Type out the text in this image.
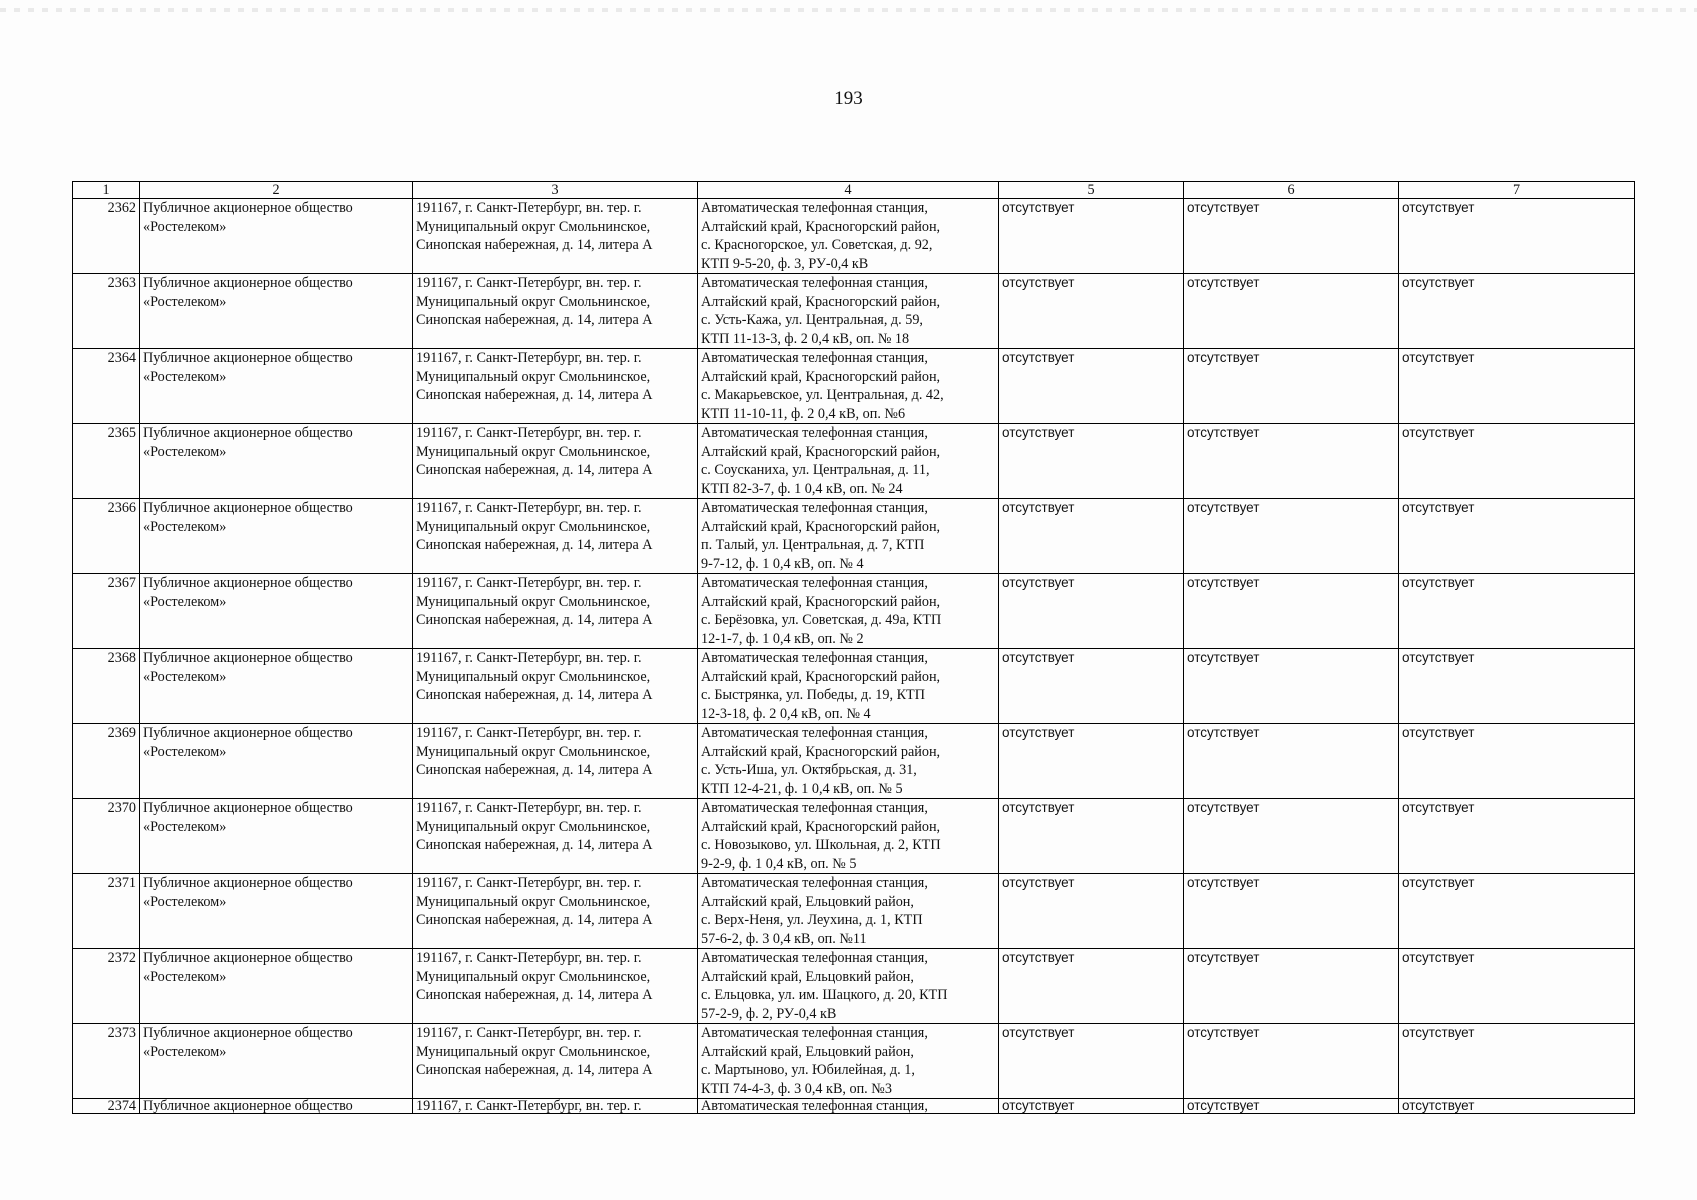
193
1	2	3	4	5	6	7
2362	Публичное акционерное общество
«Ростелеком»	191167, г. Санкт-Петербург, вн. тер. г.
Муниципальный округ Смольнинское,
Синопская набережная, д. 14, литера А	Автоматическая телефонная станция,
Алтайский край, Красногорский район,
с. Красногорское, ул. Советская, д. 92,
КТП 9-5-20, ф. 3, РУ-0,4 кВ	отсутствует	отсутствует	отсутствует
2363	Публичное акционерное общество
«Ростелеком»	191167, г. Санкт-Петербург, вн. тер. г.
Муниципальный округ Смольнинское,
Синопская набережная, д. 14, литера А	Автоматическая телефонная станция,
Алтайский край, Красногорский район,
с. Усть-Кажа, ул. Центральная, д. 59,
КТП 11-13-3, ф. 2 0,4 кВ, оп. № 18	отсутствует	отсутствует	отсутствует
2364	Публичное акционерное общество
«Ростелеком»	191167, г. Санкт-Петербург, вн. тер. г.
Муниципальный округ Смольнинское,
Синопская набережная, д. 14, литера А	Автоматическая телефонная станция,
Алтайский край, Красногорский район,
с. Макарьевское, ул. Центральная, д. 42,
КТП 11-10-11, ф. 2 0,4 кВ, оп. №6	отсутствует	отсутствует	отсутствует
2365	Публичное акционерное общество
«Ростелеком»	191167, г. Санкт-Петербург, вн. тер. г.
Муниципальный округ Смольнинское,
Синопская набережная, д. 14, литера А	Автоматическая телефонная станция,
Алтайский край, Красногорский район,
с. Соусканиха, ул. Центральная, д. 11,
КТП 82-3-7, ф. 1 0,4 кВ, оп. № 24	отсутствует	отсутствует	отсутствует
2366	Публичное акционерное общество
«Ростелеком»	191167, г. Санкт-Петербург, вн. тер. г.
Муниципальный округ Смольнинское,
Синопская набережная, д. 14, литера А	Автоматическая телефонная станция,
Алтайский край, Красногорский район,
п. Талый, ул. Центральная, д. 7, КТП
9-7-12, ф. 1 0,4 кВ, оп. № 4	отсутствует	отсутствует	отсутствует
2367	Публичное акционерное общество
«Ростелеком»	191167, г. Санкт-Петербург, вн. тер. г.
Муниципальный округ Смольнинское,
Синопская набережная, д. 14, литера А	Автоматическая телефонная станция,
Алтайский край, Красногорский район,
с. Берёзовка, ул. Советская, д. 49а, КТП
12-1-7, ф. 1 0,4 кВ, оп. № 2	отсутствует	отсутствует	отсутствует
2368	Публичное акционерное общество
«Ростелеком»	191167, г. Санкт-Петербург, вн. тер. г.
Муниципальный округ Смольнинское,
Синопская набережная, д. 14, литера А	Автоматическая телефонная станция,
Алтайский край, Красногорский район,
с. Быстрянка, ул. Победы, д. 19, КТП
12-3-18, ф. 2 0,4 кВ, оп. № 4	отсутствует	отсутствует	отсутствует
2369	Публичное акционерное общество
«Ростелеком»	191167, г. Санкт-Петербург, вн. тер. г.
Муниципальный округ Смольнинское,
Синопская набережная, д. 14, литера А	Автоматическая телефонная станция,
Алтайский край, Красногорский район,
с. Усть-Иша, ул. Октябрьская, д. 31,
КТП 12-4-21, ф. 1 0,4 кВ, оп. № 5	отсутствует	отсутствует	отсутствует
2370	Публичное акционерное общество
«Ростелеком»	191167, г. Санкт-Петербург, вн. тер. г.
Муниципальный округ Смольнинское,
Синопская набережная, д. 14, литера А	Автоматическая телефонная станция,
Алтайский край, Красногорский район,
с. Новозыково, ул. Школьная, д. 2, КТП
9-2-9, ф. 1 0,4 кВ, оп. № 5	отсутствует	отсутствует	отсутствует
2371	Публичное акционерное общество
«Ростелеком»	191167, г. Санкт-Петербург, вн. тер. г.
Муниципальный округ Смольнинское,
Синопская набережная, д. 14, литера А	Автоматическая телефонная станция,
Алтайский край, Ельцовкий район,
с. Верх-Неня, ул. Леухина, д. 1, КТП
57-6-2, ф. 3 0,4 кВ, оп. №11	отсутствует	отсутствует	отсутствует
2372	Публичное акционерное общество
«Ростелеком»	191167, г. Санкт-Петербург, вн. тер. г.
Муниципальный округ Смольнинское,
Синопская набережная, д. 14, литера А	Автоматическая телефонная станция,
Алтайский край, Ельцовкий район,
с. Ельцовка, ул. им. Шацкого, д. 20, КТП
57-2-9, ф. 2, РУ-0,4 кВ	отсутствует	отсутствует	отсутствует
2373	Публичное акционерное общество
«Ростелеком»	191167, г. Санкт-Петербург, вн. тер. г.
Муниципальный округ Смольнинское,
Синопская набережная, д. 14, литера А	Автоматическая телефонная станция,
Алтайский край, Ельцовкий район,
с. Мартыново, ул. Юбилейная, д. 1,
КТП 74-4-3, ф. 3 0,4 кВ, оп. №3	отсутствует	отсутствует	отсутствует
2374	Публичное акционерное общество	191167, г. Санкт-Петербург, вн. тер. г.	Автоматическая телефонная станция,	отсутствует	отсутствует	отсутствует
